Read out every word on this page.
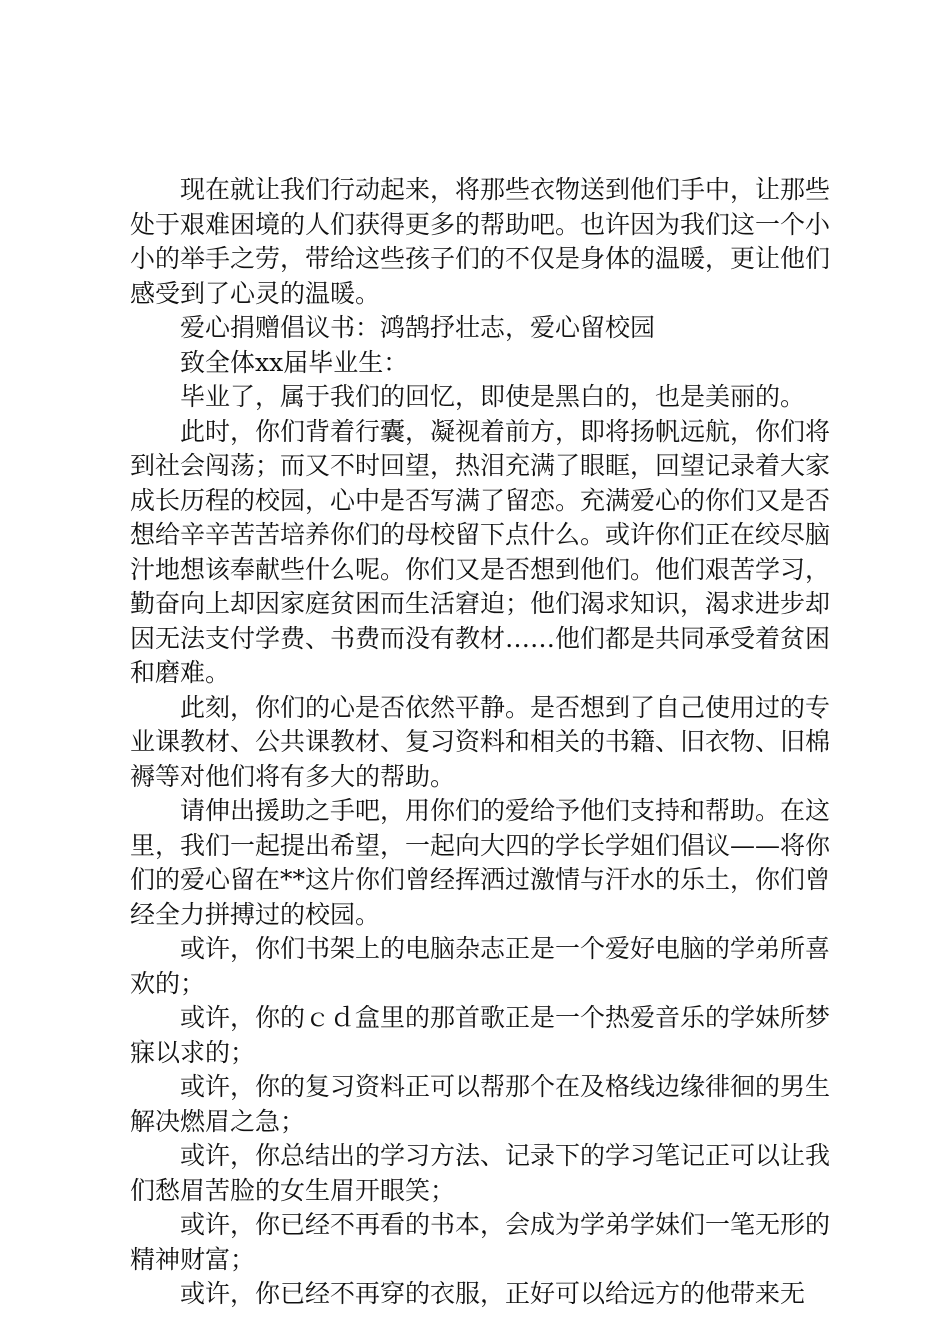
现在就让我们行动起来，将那些衣物送到他们手中，让那些处于艰难困境的人们获得更多的帮助吧。也许因为我们这一个小小的举手之劳，带给这些孩子们的不仅是身体的温暖，更让他们感受到了心灵的温暖。

爱心捐赠倡议书：鸿鹄抒壮志，爱心留校园

致全体xx届毕业生：

毕业了，属于我们的回忆，即使是黑白的，也是美丽的。

此时，你们背着行囊，凝视着前方，即将扬帆远航，你们将到社会闯荡；而又不时回望，热泪充满了眼眶，回望记录着大家成长历程的校园，心中是否写满了留恋。充满爱心的你们又是否想给辛辛苦苦培养你们的母校留下点什么。或许你们正在绞尽脑汁地想该奉献些什么呢。你们又是否想到他们。他们艰苦学习，勤奋向上却因家庭贫困而生活窘迫；他们渴求知识，渴求进步却因无法支付学费、书费而没有教材……他们都是共同承受着贫困和磨难。

此刻，你们的心是否依然平静。是否想到了自己使用过的专业课教材、公共课教材、复习资料和相关的书籍、旧衣物、旧棉褥等对他们将有多大的帮助。

请伸出援助之手吧，用你们的爱给予他们支持和帮助。在这里，我们一起提出希望，一起向大四的学长学姐们倡议——将你们的爱心留在**这片你们曾经挥洒过激情与汗水的乐土，你们曾经全力拼搏过的校园。

或许，你们书架上的电脑杂志正是一个爱好电脑的学弟所喜欢的；

或许，你的ｃｄ盒里的那首歌正是一个热爱音乐的学妹所梦寐以求的；

或许，你的复习资料正可以帮那个在及格线边缘徘徊的男生解决燃眉之急；

或许，你总结出的学习方法、记录下的学习笔记正可以让我们愁眉苦脸的女生眉开眼笑；

或许，你已经不再看的书本，会成为学弟学妹们一笔无形的精神财富；

或许，你已经不再穿的衣服，正好可以给远方的他带来无
